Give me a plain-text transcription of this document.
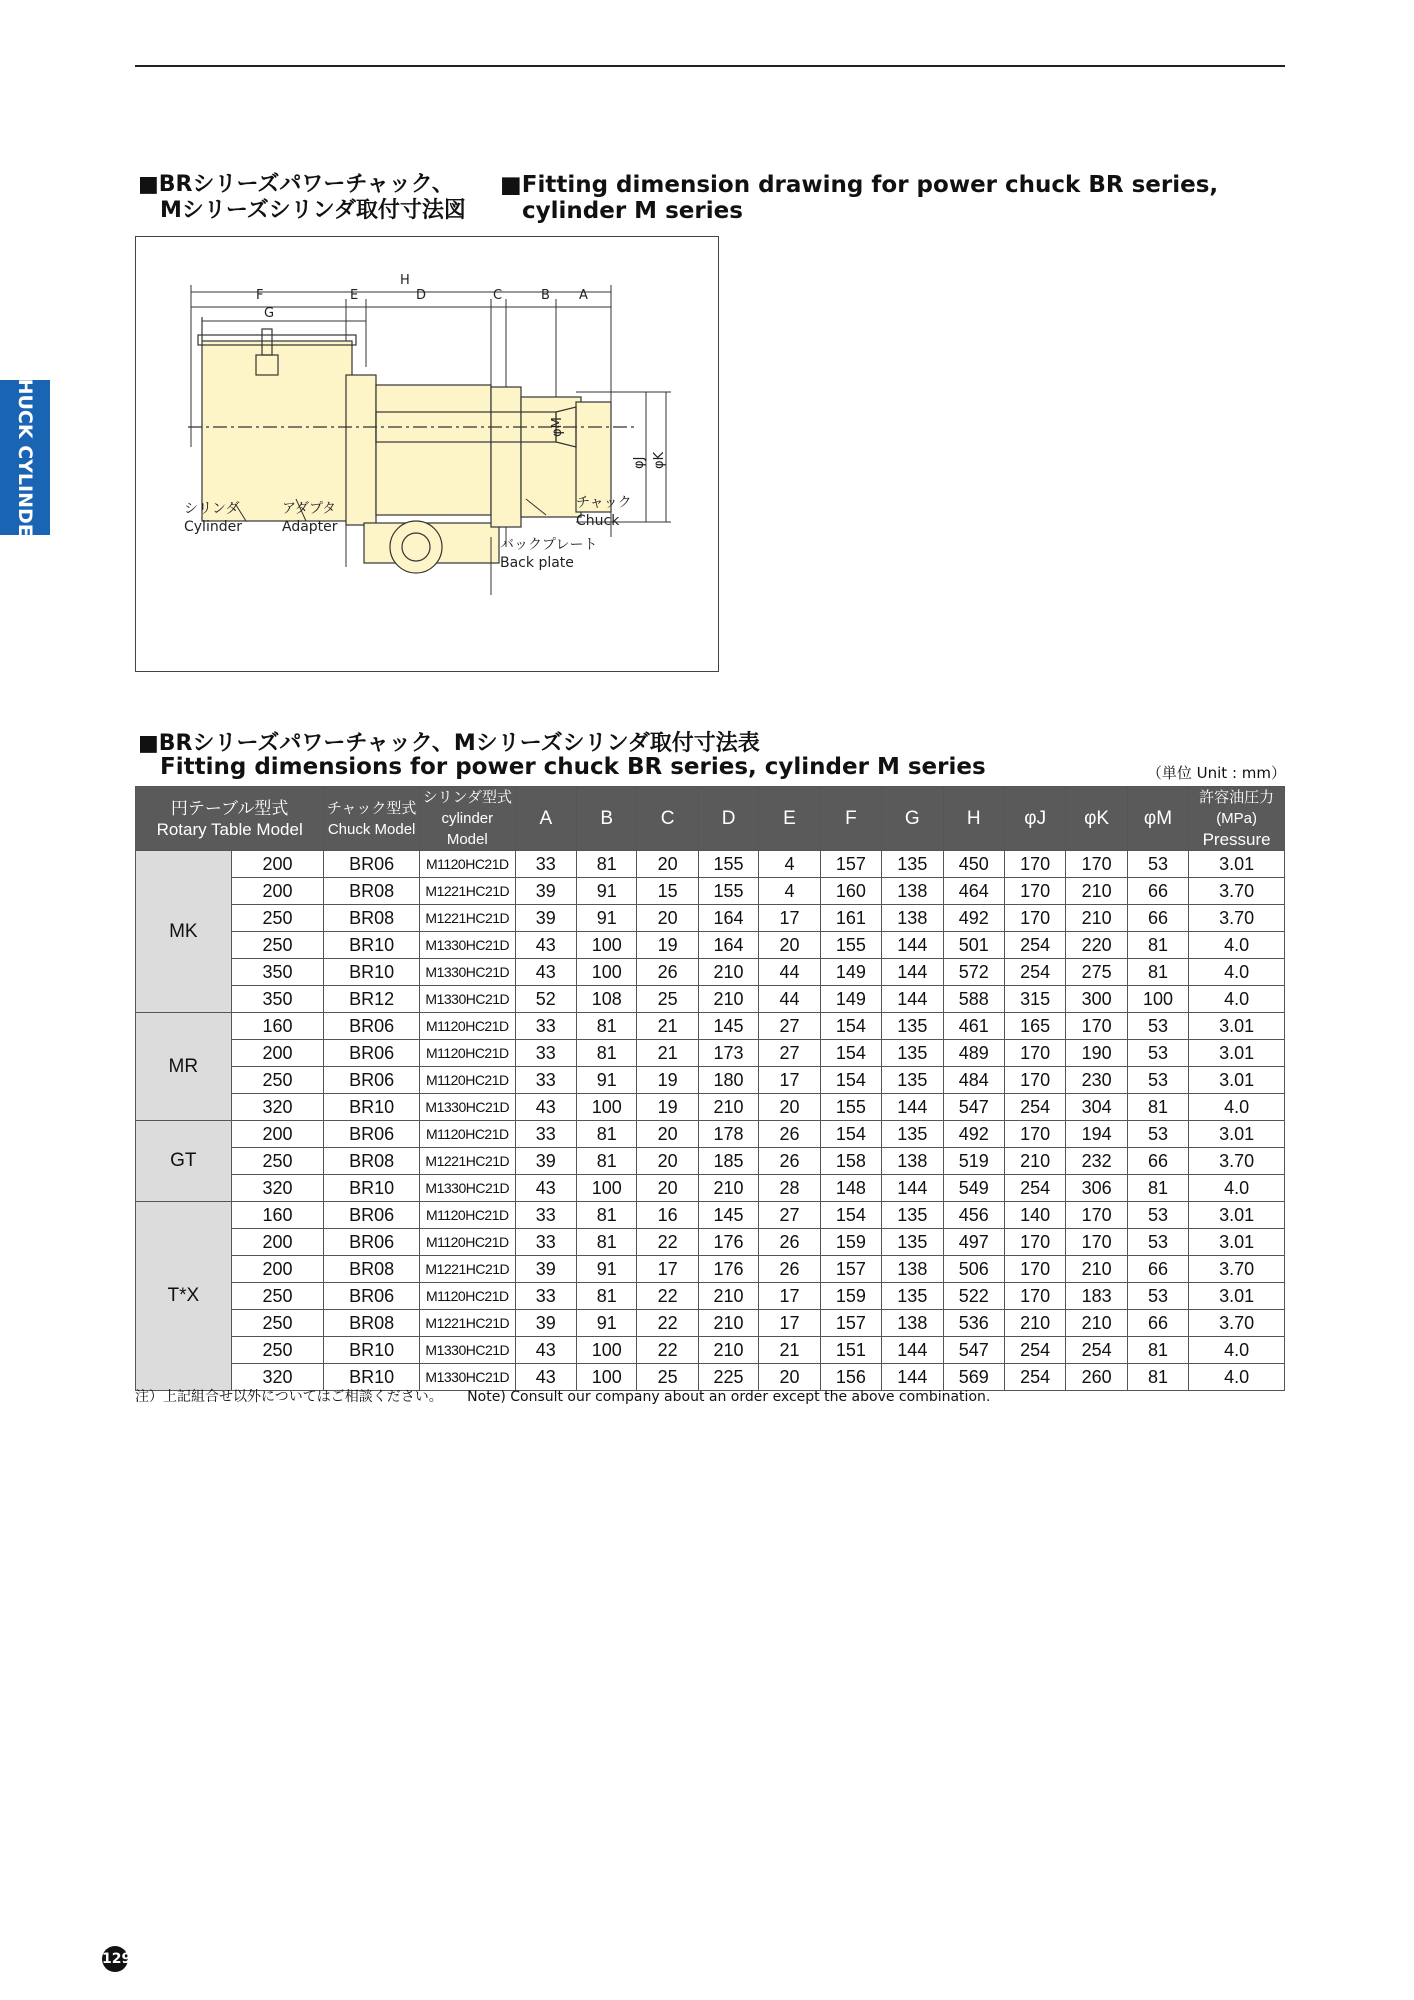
CHUCK CYLINDER
■BRシリーズパワーチャック、
Mシリーズシリンダ取付寸法図
■Fitting dimension drawing for power chuck BR series,
cylinder M series
H
F	E	D	C	B A
G
φM
φJ φK
シリンダ
Cylinder
アダプタ
Adapter
チャック
Chuck
バックプレート
Back plate
■BRシリーズパワーチャック、Mシリーズシリンダ取付寸法表
Fitting dimensions for power chuck BR series, cylinder M series	（単位 Unit : mm）
円テーブル型式
Rotary Table Model		チャック型式
Chuck Model	シリンダ型式
cylinder Model	A	B	C	D	E	F	G	H	φJ	φK	φM	許容油圧力(MPa)
Pressure

MK	200	BR06	M1120HC21D	33	81	20	155	4	157	135	450	170	170	53	3.01
	200	BR08	M1221HC21D	39	91	15	155	4	160	138	464	170	210	66	3.70
	250	BR08	M1221HC21D	39	91	20	164	17	161	138	492	170	210	66	3.70
	250	BR10	M1330HC21D	43	100	19	164	20	155	144	501	254	220	81	4.0
	350	BR10	M1330HC21D	43	100	26	210	44	149	144	572	254	275	81	4.0
	350	BR12	M1330HC21D	52	108	25	210	44	149	144	588	315	300	100	4.0
MR	160	BR06	M1120HC21D	33	81	21	145	27	154	135	461	165	170	53	3.01
	200	BR06	M1120HC21D	33	81	21	173	27	154	135	489	170	190	53	3.01
	250	BR06	M1120HC21D	33	91	19	180	17	154	135	484	170	230	53	3.01
	320	BR10	M1330HC21D	43	100	19	210	20	155	144	547	254	304	81	4.0
GT	200	BR06	M1120HC21D	33	81	20	178	26	154	135	492	170	194	53	3.01
	250	BR08	M1221HC21D	39	81	20	185	26	158	138	519	210	232	66	3.70
	320	BR10	M1330HC21D	43	100	20	210	28	148	144	549	254	306	81	4.0
T*X	160	BR06	M1120HC21D	33	81	16	145	27	154	135	456	140	170	53	3.01
	200	BR06	M1120HC21D	33	81	22	176	26	159	135	497	170	170	53	3.01
	200	BR08	M1221HC21D	39	91	17	176	26	157	138	506	170	210	66	3.70
	250	BR06	M1120HC21D	33	81	22	210	17	159	135	522	170	183	53	3.01
	250	BR08	M1221HC21D	39	91	22	210	17	157	138	536	210	210	66	3.70
	250	BR10	M1330HC21D	43	100	22	210	21	151	144	547	254	254	81	4.0
	320	BR10	M1330HC21D	43	100	25	225	20	156	144	569	254	260	81	4.0
注）上記組合せ以外についてはご相談ください。 Note) Consult our company about an order except the above combination.
129
